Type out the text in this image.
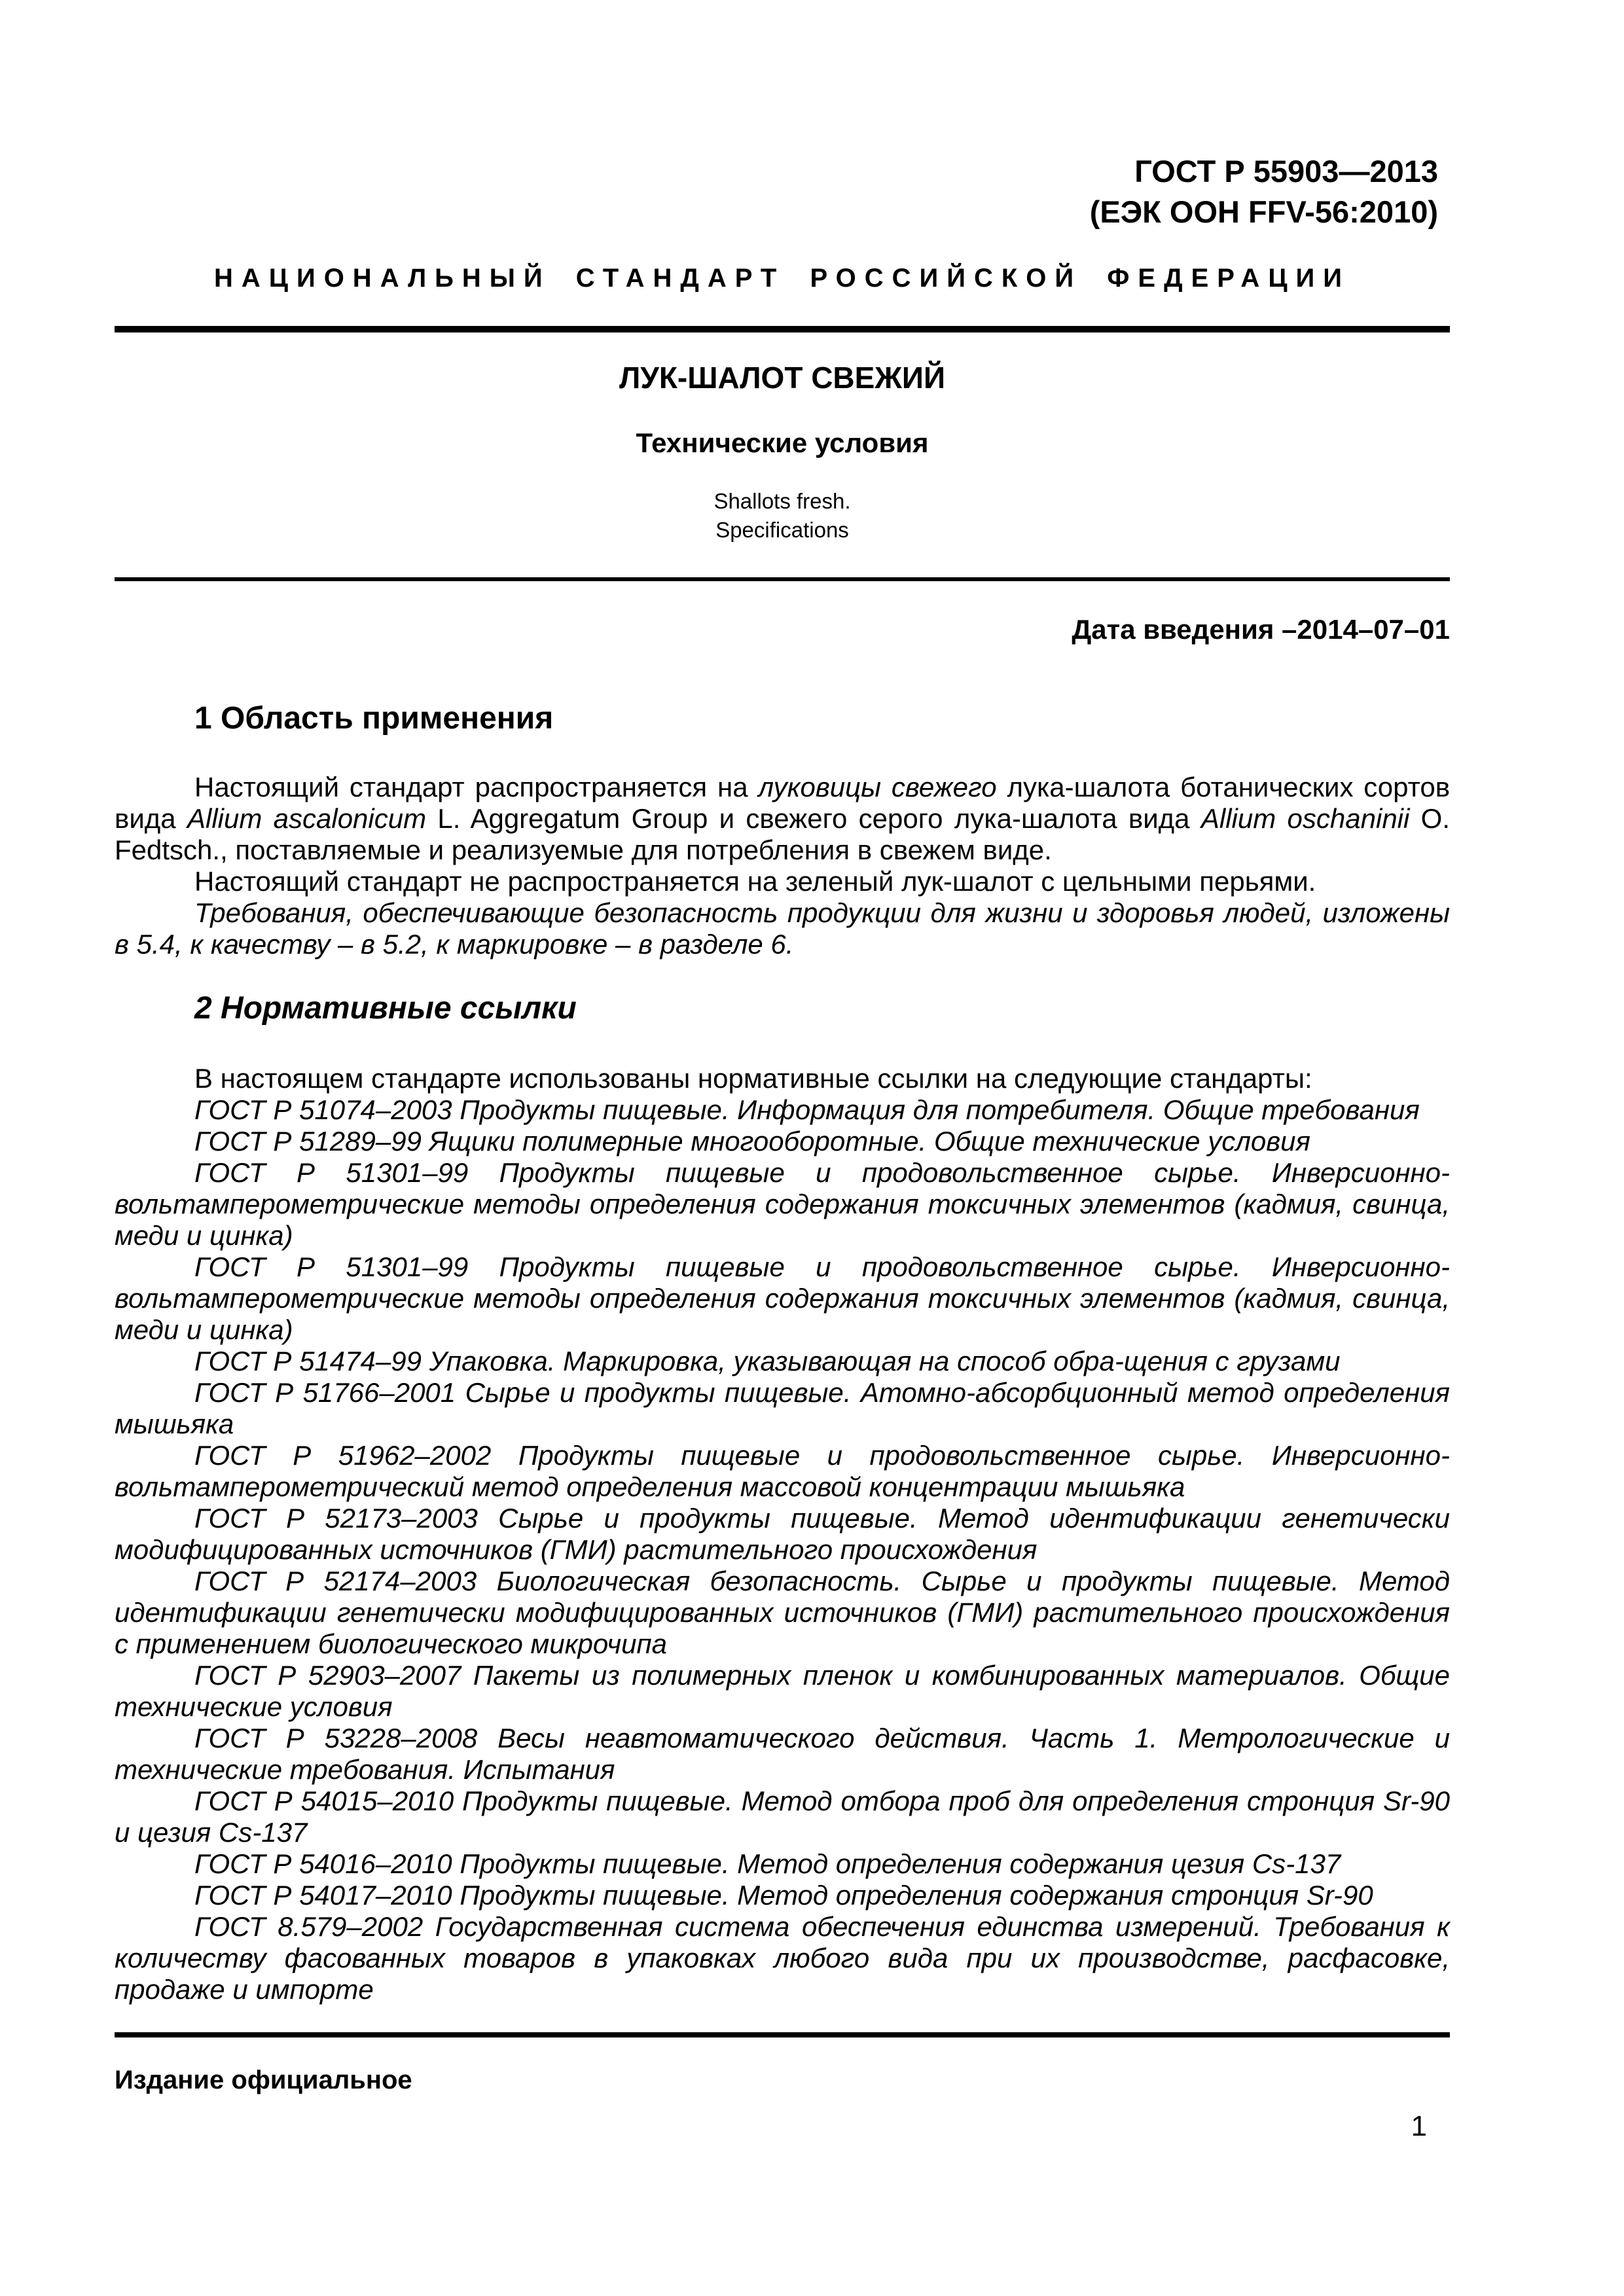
ГОСТ Р 55903—2013
(ЕЭК ООН FFV-56:2010)
НАЦИОНАЛЬНЫЙ СТАНДАРТ РОССИЙСКОЙ ФЕДЕРАЦИИ
ЛУК-ШАЛОТ СВЕЖИЙ
Технические условия
Shallots fresh.
Specifications
Дата введения –2014–07–01
1 Область применения

Настоящий стандарт распространяется на луковицы свежего лука-шалота ботанических сортов вида Allium ascalonicum L. Aggregatum Group и свежего серого лука-шалота вида Allium oschaninii O. Fedtsch., поставляемые и реализуемые для потребления в свежем виде.

Настоящий стандарт не распространяется на зеленый лук-шалот с цельными перьями.

Требования, обеспечивающие безопасность продукции для жизни и здоровья людей, изложены в 5.4, к качеству – в 5.2, к маркировке – в разделе 6.

2 Нормативные ссылки

В настоящем стандарте использованы нормативные ссылки на следующие стандарты:

ГОСТ Р 51074–2003 Продукты пищевые. Информация для потребителя. Общие требования

ГОСТ Р 51289–99 Ящики полимерные многооборотные. Общие технические условия

ГОСТ Р 51301–99 Продукты пищевые и продовольственное сырье. Инверсионно-вольтамперометрические методы определения содержания токсичных элементов (кадмия, свинца, меди и цинка)

ГОСТ Р 51301–99 Продукты пищевые и продовольственное сырье. Инверсионно-вольтамперометрические методы определения содержания токсичных элементов (кадмия, свинца, меди и цинка)

ГОСТ Р 51474–99 Упаковка. Маркировка, указывающая на способ обра-щения с грузами

ГОСТ Р 51766–2001 Сырье и продукты пищевые. Атомно-абсорбционный метод определения мышьяка

ГОСТ Р 51962–2002 Продукты пищевые и продовольственное сырье. Инверсионно-вольтамперометрический метод определения массовой концентрации мышьяка

ГОСТ Р 52173–2003 Сырье и продукты пищевые. Метод идентификации генетически модифицированных источников (ГМИ) растительного происхождения

ГОСТ Р 52174–2003 Биологическая безопасность. Сырье и продукты пищевые. Метод идентификации генетически модифицированных источников (ГМИ) растительного происхождения с применением биологического микрочипа

ГОСТ Р 52903–2007 Пакеты из полимерных пленок и комбинированных материалов. Общие технические условия

ГОСТ Р 53228–2008 Весы неавтоматического действия. Часть 1. Метрологические и технические требования. Испытания

ГОСТ Р 54015–2010 Продукты пищевые. Метод отбора проб для определения стронция Sr-90 и цезия Cs-137

ГОСТ Р 54016–2010 Продукты пищевые. Метод определения содержания цезия Cs-137

ГОСТ Р 54017–2010 Продукты пищевые. Метод определения содержания стронция Sr-90

ГОСТ 8.579–2002 Государственная система обеспечения единства измерений. Требования к количеству фасованных товаров в упаковках любого вида при их производстве, расфасовке, продаже и импорте

Издание официальное
1
